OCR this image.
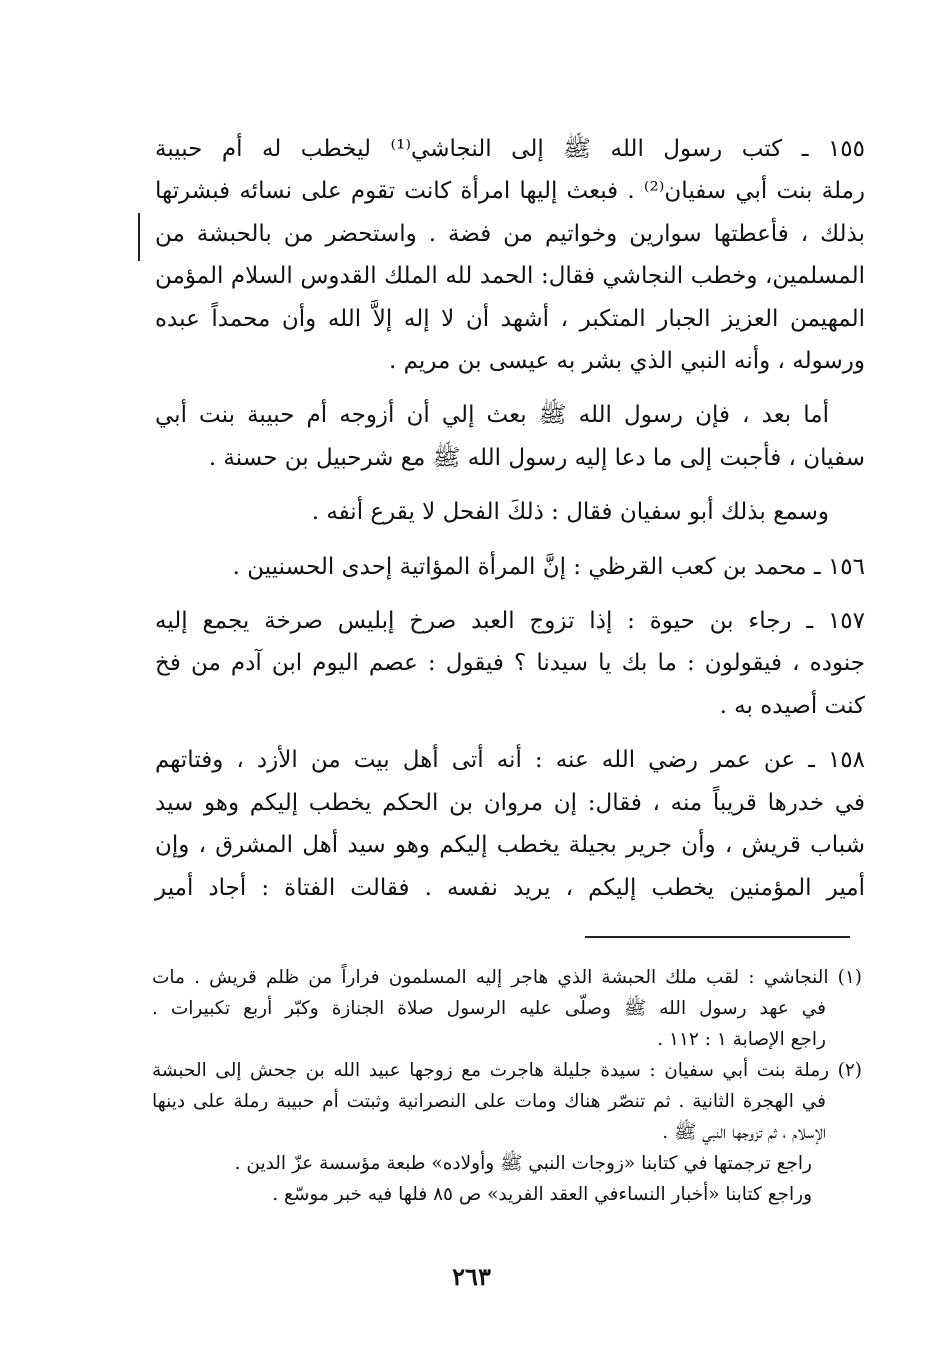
١٥٥ ـ كتب رسول الله ﷺ إلى النجاشي⁽¹⁾ ليخطب له أم حبيبة
رملة بنت أبي سفيان⁽²⁾ . فبعث إليها امرأة كانت تقوم على نسائه فبشرتها
بذلك ، فأعطتها سوارين وخواتيم من فضة . واستحضر من بالحبشة من
المسلمين، وخطب النجاشي فقال: الحمد لله الملك القدوس السلام المؤمن
المهيمن العزيز الجبار المتكبر ، أشهد أن لا إله إلاَّ الله وأن محمداً عبده
ورسوله ، وأنه النبي الذي بشر به عيسى بن مريم .
أما بعد ، فإن رسول الله ﷺ بعث إلي أن أزوجه أم حبيبة بنت أبي
سفيان ، فأجبت إلى ما دعا إليه رسول الله ﷺ مع شرحبيل بن حسنة .
وسمع بذلك أبو سفيان فقال : ذلكَ الفحل لا يقرع أنفه .
١٥٦ ـ محمد بن كعب القرظي : إنَّ المرأة المؤاتية إحدى الحسنيين .
١٥٧ ـ رجاء بن حيوة : إذا تزوج العبد صرخ إبليس صرخة يجمع إليه
جنوده ، فيقولون : ما بك يا سيدنا ؟ فيقول : عصم اليوم ابن آدم من فخ
كنت أصيده به .
١٥٨ ـ عن عمر رضي الله عنه : أنه أتى أهل بيت من الأزد ، وفتاتهم
في خدرها قريباً منه ، فقال: إن مروان بن الحكم يخطب إليكم وهو سيد
شباب قريش ، وأن جرير بجيلة يخطب إليكم وهو سيد أهل المشرق ، وإن
أمير المؤمنين يخطب إليكم ، يريد نفسه . فقالت الفتاة : أجاد أمير
(١) النجاشي : لقب ملك الحبشة الذي هاجر إليه المسلمون فراراً من ظلم قريش . مات
في عهد رسول الله ﷺ وصلّى عليه الرسول صلاة الجنازة وكبّر أربع تكبيرات .
راجع الإصابة ١ : ١١٢ .
(٢) رملة بنت أبي سفيان : سيدة جليلة هاجرت مع زوجها عبيد الله بن جحش إلى الحبشة
في الهجرة الثانية . ثم تنصّر هناك ومات على النصرانية وثبتت أم حبيبة رملة على دينها
الإسلام ، ثم تزوجها النبي ﷺ .
راجع ترجمتها في كتابنا «زوجات النبي ﷺ وأولاده» طبعة مؤسسة عزّ الدين .
وراجع كتابنا «أخبار النساءفي العقد الفريد» ص ٨٥ فلها فيه خبر موسّع .
٢٦٣
